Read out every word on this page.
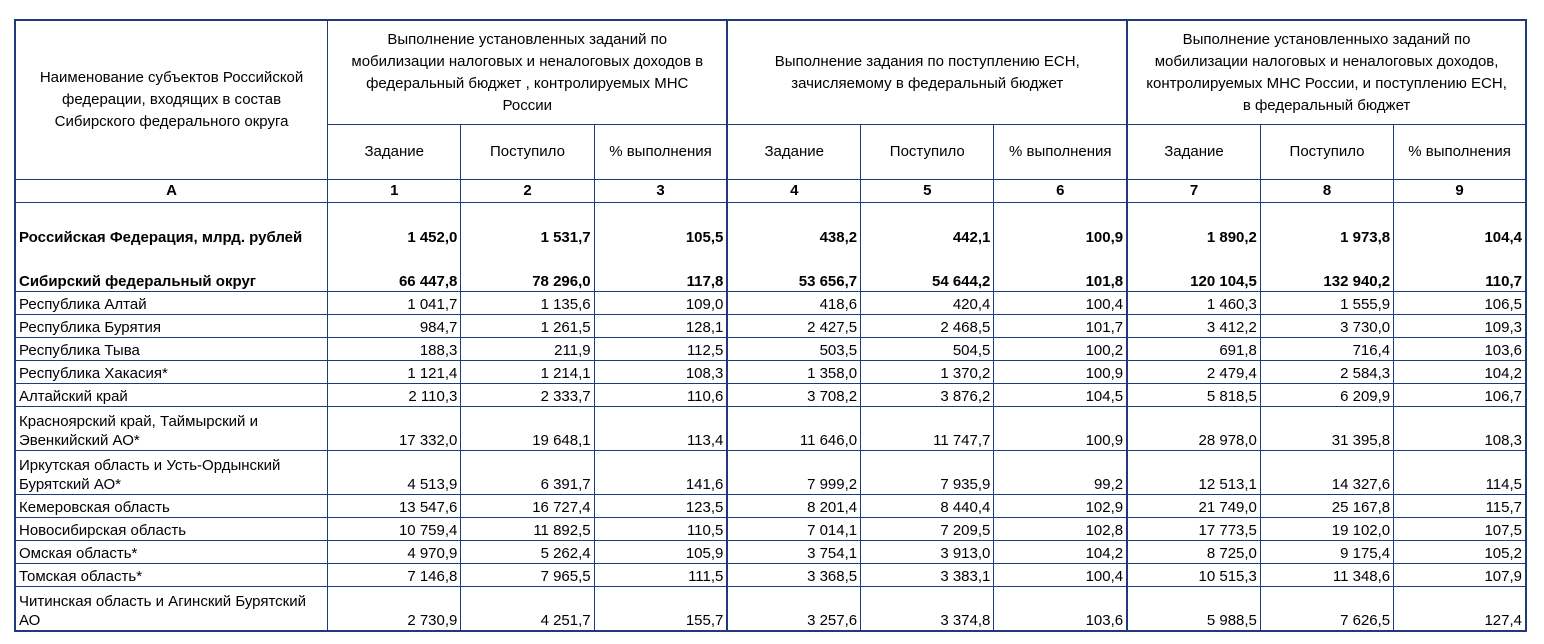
Наименование субъектов Российской федерации, входящих в состав Сибирского федерального округа	Выполнение установленных заданий по мобилизации налоговых и неналоговых доходов в федеральный бюджет , контролируемых МНС России			Выполнение задания по поступлению ЕСН, зачисляемому в федеральный бюджет			Выполнение установленныхо заданий по мобилизации налоговых и неналоговых доходов, контролируемых МНС России, и поступлению ЕСН, в федеральный бюджет		
	Задание	Поступило	% выполнения	Задание	Поступило	% выполнения	Задание	Поступило	% выполнения
А	1	2	3	4	5	6	7	8	9
Российская Федерация, млрд. рублей	1 452,0	1 531,7	105,5	438,2	442,1	100,9	1 890,2	1 973,8	104,4
Сибирский федеральный округ	66 447,8	78 296,0	117,8	53 656,7	54 644,2	101,8	120 104,5	132 940,2	110,7
Республика Алтай	1 041,7	1 135,6	109,0	418,6	420,4	100,4	1 460,3	1 555,9	106,5
Республика Бурятия	984,7	1 261,5	128,1	2 427,5	2 468,5	101,7	3 412,2	3 730,0	109,3
Республика Тыва	188,3	211,9	112,5	503,5	504,5	100,2	691,8	716,4	103,6
Республика Хакасия*	1 121,4	1 214,1	108,3	1 358,0	1 370,2	100,9	2 479,4	2 584,3	104,2
Алтайский край	2 110,3	2 333,7	110,6	3 708,2	3 876,2	104,5	5 818,5	6 209,9	106,7
Красноярский край, Таймырский и Эвенкийский АО*	17 332,0	19 648,1	113,4	11 646,0	11 747,7	100,9	28 978,0	31 395,8	108,3
Иркутская область и Усть-Ордынский Бурятский АО*	4 513,9	6 391,7	141,6	7 999,2	7 935,9	99,2	12 513,1	14 327,6	114,5
Кемеровская область	13 547,6	16 727,4	123,5	8 201,4	8 440,4	102,9	21 749,0	25 167,8	115,7
Новосибирская область	10 759,4	11 892,5	110,5	7 014,1	7 209,5	102,8	17 773,5	19 102,0	107,5
Омская область*	4 970,9	5 262,4	105,9	3 754,1	3 913,0	104,2	8 725,0	9 175,4	105,2
Томская область*	7 146,8	7 965,5	111,5	3 368,5	3 383,1	100,4	10 515,3	11 348,6	107,9
Читинская область и Агинский Бурятский АО	2 730,9	4 251,7	155,7	3 257,6	3 374,8	103,6	5 988,5	7 626,5	127,4
